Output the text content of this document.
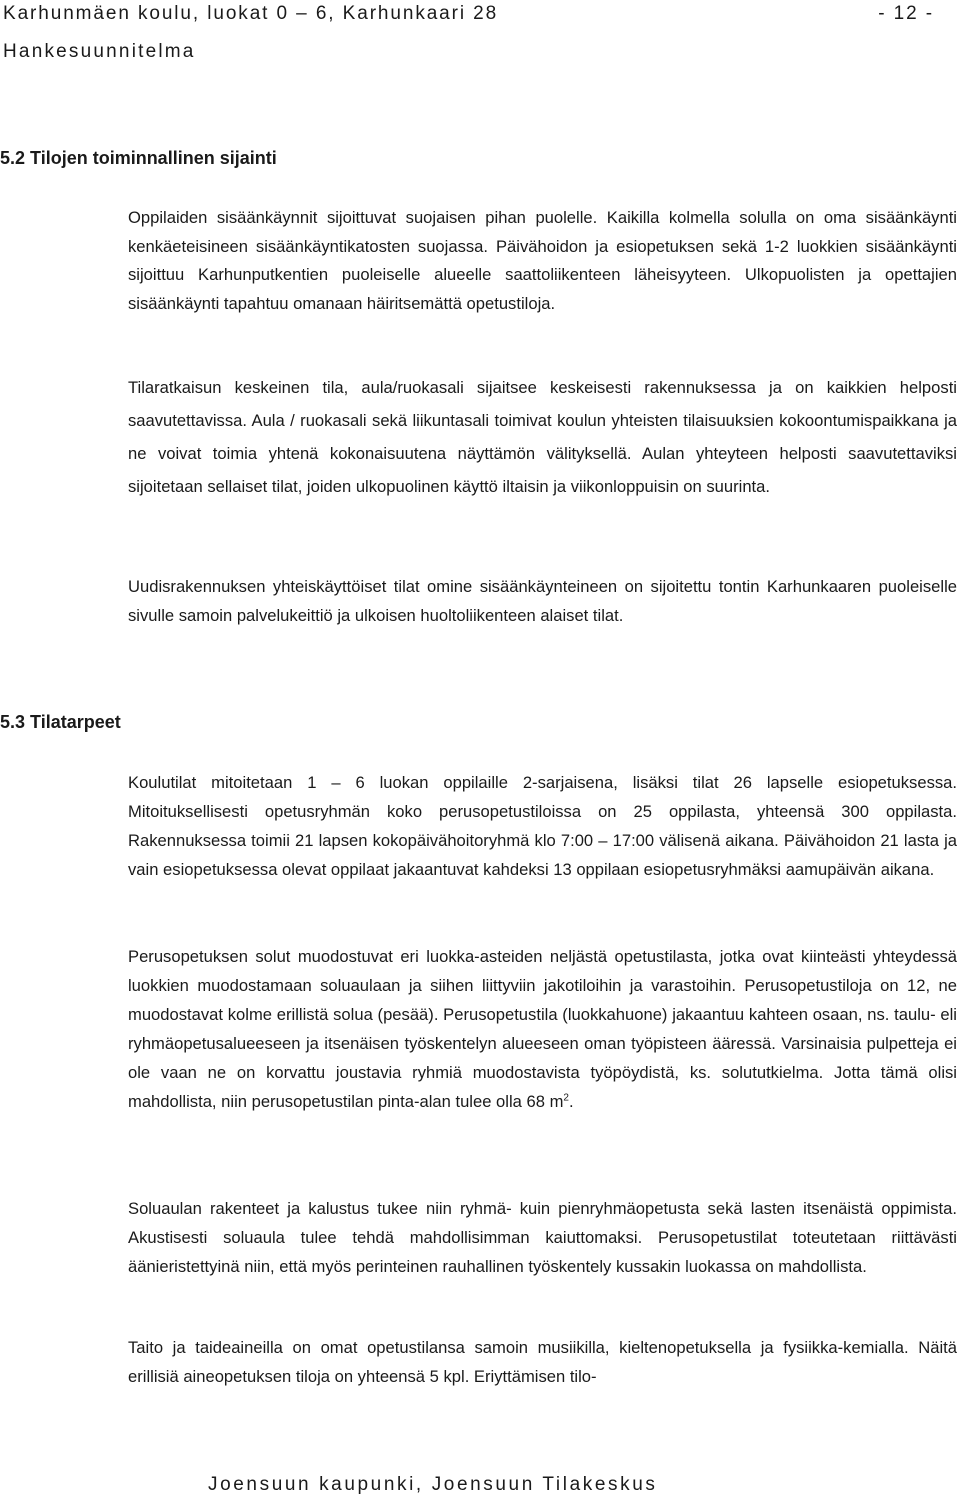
Karhunmäen koulu, luokat 0 – 6, Karhunkaari 28	- 12 -
Hankesuunnitelma
5.2 Tilojen toiminnallinen sijainti

Oppilaiden sisäänkäynnit sijoittuvat suojaisen pihan puolelle. Kaikilla kolmella solulla on oma sisäänkäynti kenkäeteisineen sisäänkäyntikatosten suojassa. Päivähoidon ja esiopetuksen sekä 1-2 luokkien sisäänkäynti sijoittuu Karhunputkentien puoleiselle alueelle saattoliikenteen läheisyyteen. Ulkopuolisten ja opettajien sisäänkäynti tapahtuu omanaan häiritsemättä opetustiloja.

Tilaratkaisun keskeinen tila, aula/ruokasali sijaitsee keskeisesti rakennuksessa ja on kaikkien helposti saavutettavissa. Aula / ruokasali sekä liikuntasali toimivat koulun yhteisten tilaisuuksien kokoontumispaikkana ja ne voivat toimia yhtenä kokonaisuutena näyttämön välityksellä. Aulan yhteyteen helposti saavutettaviksi sijoitetaan sellaiset tilat, joiden ulkopuolinen käyttö iltaisin ja viikonloppuisin on suurinta.

Uudisrakennuksen yhteiskäyttöiset tilat omine sisäänkäynteineen on sijoitettu tontin Karhunkaaren puoleiselle sivulle samoin palvelukeittiö ja ulkoisen huoltoliikenteen alaiset tilat.

5.3 Tilatarpeet

Koulutilat mitoitetaan 1 – 6 luokan oppilaille 2-sarjaisena, lisäksi tilat 26 lapselle esiopetuksessa. Mitoituksellisesti opetusryhmän koko perusopetustiloissa on 25 oppilasta, yhteensä 300 oppilasta. Rakennuksessa toimii 21 lapsen kokopäivähoitoryhmä klo 7:00 – 17:00 välisenä aikana. Päivähoidon 21 lasta ja vain esiopetuksessa olevat oppilaat jakaantuvat kahdeksi 13 oppilaan esiopetusryhmäksi aamupäivän aikana.

Perusopetuksen solut muodostuvat eri luokka-asteiden neljästä opetustilasta, jotka ovat kiinteästi yhteydessä luokkien muodostamaan soluaulaan ja siihen liittyviin jakotiloihin ja varastoihin. Perusopetustiloja on 12, ne muodostavat kolme erillistä solua (pesää). Perusopetustila (luokkahuone) jakaantuu kahteen osaan, ns. taulu- eli ryhmäopetusalueeseen ja itsenäisen työskentelyn alueeseen oman työpisteen ääressä. Varsinaisia pulpetteja ei ole vaan ne on korvattu joustavia ryhmiä muodostavista työpöydistä, ks. solututkielma. Jotta tämä olisi mahdollista, niin perusopetustilan pinta-alan tulee olla 68 $m^2$.

Soluaulan rakenteet ja kalustus tukee niin ryhmä- kuin pienryhmäopetusta sekä lasten itsenäistä oppimista. Akustisesti soluaula tulee tehdä mahdollisimman kaiuttomaksi. Perusopetustilat toteutetaan riittävästi äänieristettyinä niin, että myös perinteinen rauhallinen työskentely kussakin luokassa on mahdollista.

Taito ja taideaineilla on omat opetustilansa samoin musiikilla, kieltenopetuksella ja fysiikka-kemialla. Näitä erillisiä aineopetuksen tiloja on yhteensä 5 kpl. Eriyttämisen tilo-

Joensuun kaupunki, Joensuun Tilakeskus
